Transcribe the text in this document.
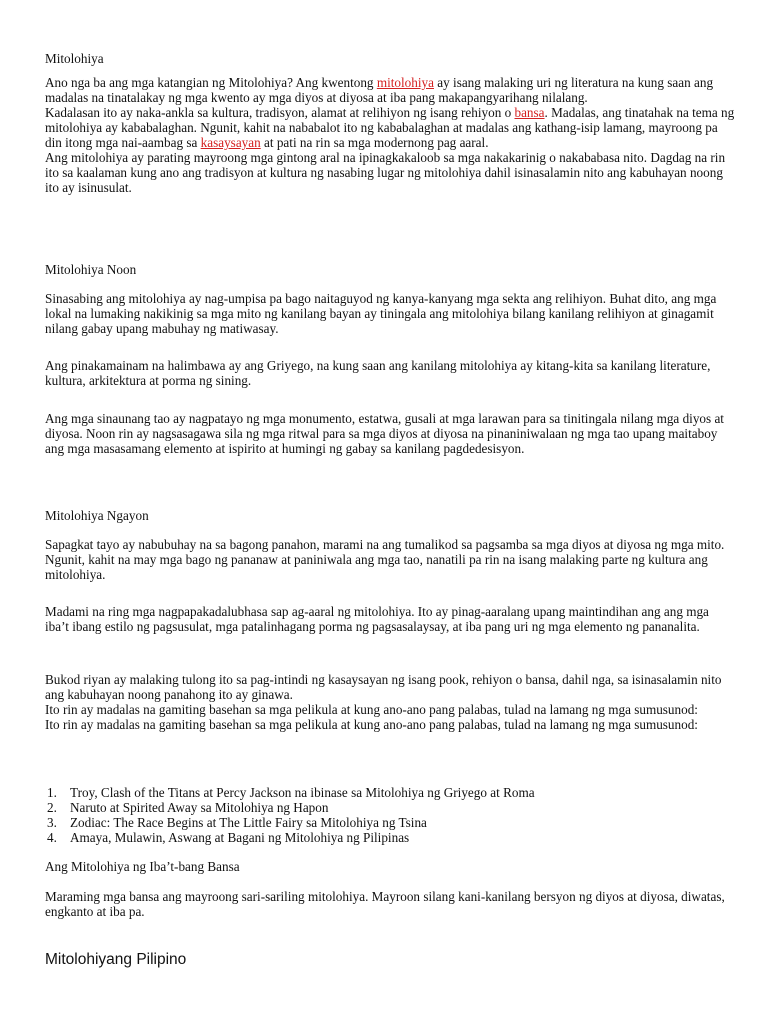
Mitolohiya

Ano nga ba ang mga katangian ng Mitolohiya? Ang kwentong mitolohiya ay isang malaking uri ng literatura na kung saan ang madalas na tinatalakay ng mga kwento ay mga diyos at diyosa at iba pang makapangyarihang nilalang.
Kadalasan ito ay naka-ankla sa kultura, tradisyon, alamat at relihiyon ng isang rehiyon o bansa. Madalas, ang tinatahak na tema ng mitolohiya ay kababalaghan. Ngunit, kahit na nababalot ito ng kababalaghan at madalas ang kathang-isip lamang, mayroong pa din itong mga nai-aambag sa kasaysayan at pati na rin sa mga modernong pag aaral.
Ang mitolohiya ay parating mayroong mga gintong aral na ipinagkakaloob sa mga nakakarinig o nakababasa nito. Dagdag na rin ito sa kaalaman kung ano ang tradisyon at kultura ng nasabing lugar ng mitolohiya dahil isinasalamin nito ang kabuhayan noong ito ay isinusulat.

Mitolohiya Noon

Sinasabing ang mitolohiya ay nag-umpisa pa bago naitaguyod ng kanya-kanyang mga sekta ang relihiyon. Buhat dito, ang mga lokal na lumaking nakikinig sa mga mito ng kanilang bayan ay tiningala ang mitolohiya bilang kanilang relihiyon at ginagamit nilang gabay upang mabuhay ng matiwasay.

Ang pinakamainam na halimbawa ay ang Griyego, na kung saan ang kanilang mitolohiya ay kitang-kita sa kanilang literature, kultura, arkitektura at porma ng sining.

Ang mga sinaunang tao ay nagpatayo ng mga monumento, estatwa, gusali at mga larawan para sa tinitingala nilang mga diyos at diyosa. Noon rin ay nagsasagawa sila ng mga ritwal para sa mga diyos at diyosa na pinaniniwalaan ng mga tao upang maitaboy ang mga masasamang elemento at ispirito at humingi ng gabay sa kanilang pagdedesisyon.

Mitolohiya Ngayon

Sapagkat tayo ay nabubuhay na sa bagong panahon, marami na ang tumalikod sa pagsamba sa mga diyos at diyosa ng mga mito. Ngunit, kahit na may mga bago ng pananaw at paniniwala ang mga tao, nanatili pa rin na isang malaking parte ng kultura ang mitolohiya.

Madami na ring mga nagpapakadalubhasa sap ag-aaral ng mitolohiya. Ito ay pinag-aaralang upang maintindihan ang ang mga iba’t ibang estilo ng pagsusulat, mga patalinhagang porma ng pagsasalaysay, at iba pang uri ng mga elemento ng pananalita.

Bukod riyan ay malaking tulong ito sa pag-intindi ng kasaysayan ng isang pook, rehiyon o bansa, dahil nga, sa isinasalamin nito ang kabuhayan noong panahong ito ay ginawa.
Ito rin ay madalas na gamiting basehan sa mga pelikula at kung ano-ano pang palabas, tulad na lamang ng mga sumusunod:
Ito rin ay madalas na gamiting basehan sa mga pelikula at kung ano-ano pang palabas, tulad na lamang ng mga sumusunod:

1. Troy, Clash of the Titans at Percy Jackson na ibinase sa Mitolohiya ng Griyego at Roma
2. Naruto at Spirited Away sa Mitolohiya ng Hapon
3. Zodiac: The Race Begins at The Little Fairy sa Mitolohiya ng Tsina
4. Amaya, Mulawin, Aswang at Bagani ng Mitolohiya ng Pilipinas

Ang Mitolohiya ng Iba’t-bang Bansa

Maraming mga bansa ang mayroong sari-sariling mitolohiya. Mayroon silang kani-kanilang bersyon ng diyos at diyosa, diwatas, engkanto at iba pa.

Mitolohiyang Pilipino
